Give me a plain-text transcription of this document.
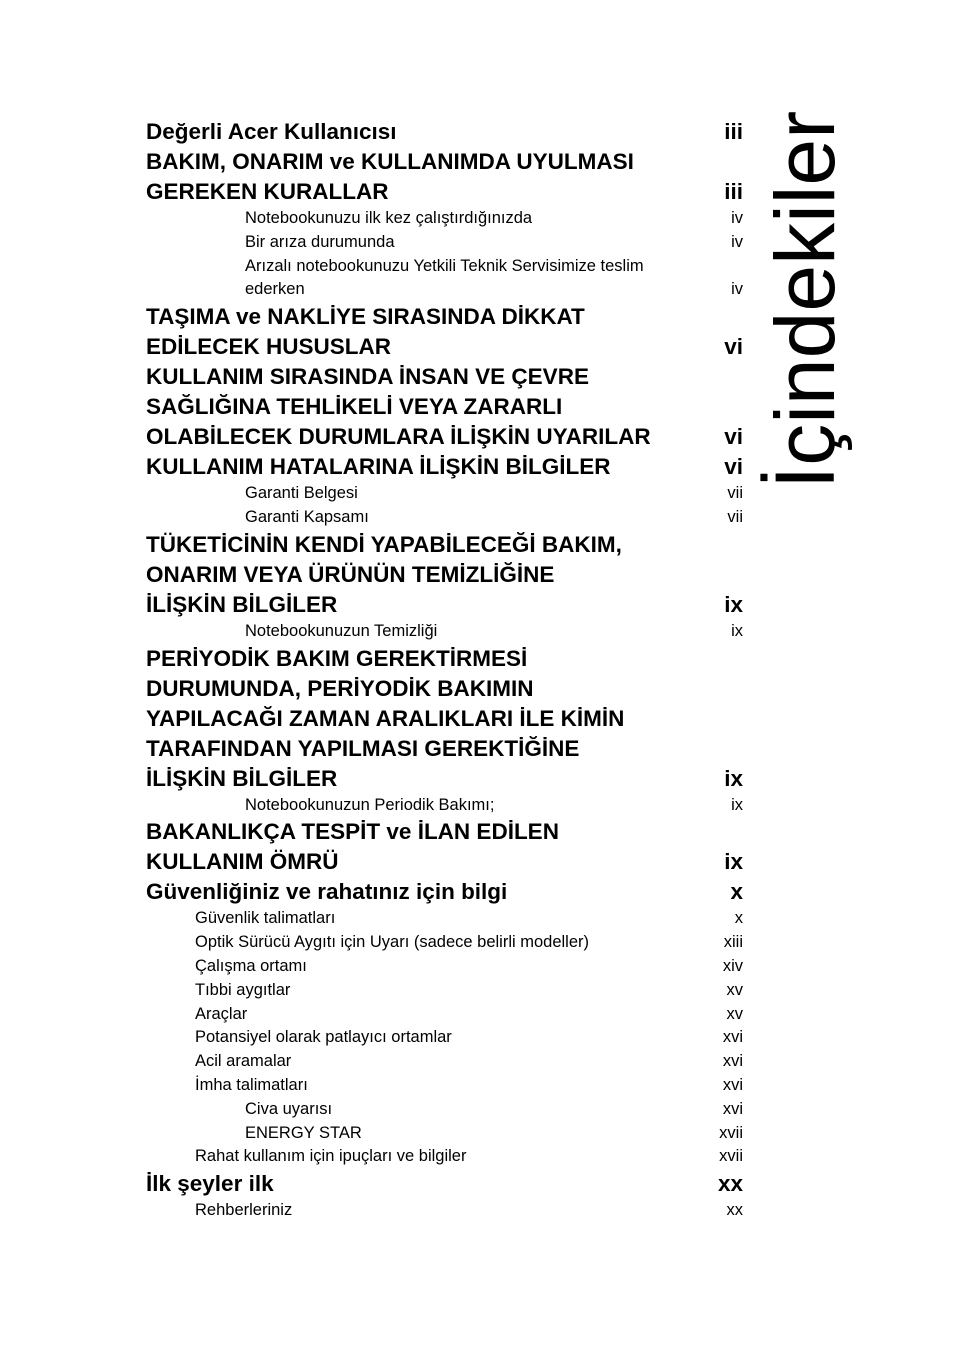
Değerli Acer Kullanıcısı	iii
BAKIM, ONARIM ve KULLANIMDA UYULMASI
GEREKEN KURALLAR	iii
Notebookunuzu ilk kez çalıştırdığınızda	iv
Bir arıza durumunda	iv
Arızalı notebookunuzu Yetkili Teknik Servisimize teslim
ederken	iv
TAŞIMA ve NAKLİYE SIRASINDA DİKKAT
EDİLECEK HUSUSLAR	vi
KULLANIM SIRASINDA İNSAN VE ÇEVRE
SAĞLIĞINA TEHLİKELİ VEYA ZARARLI
OLABİLECEK DURUMLARA İLİŞKİN UYARILAR	vi
KULLANIM HATALARINA İLİŞKİN BİLGİLER	vi
Garanti Belgesi	vii
Garanti Kapsamı	vii
TÜKETİCİNİN KENDİ YAPABİLECEĞİ BAKIM,
ONARIM VEYA ÜRÜNÜN TEMİZLİĞİNE
İLİŞKİN BİLGİLER	ix
Notebookunuzun Temizliği	ix
PERİYODİK BAKIM GEREKTİRMESİ
DURUMUNDA, PERİYODİK BAKIMIN
YAPILACAĞI ZAMAN ARALIKLARI İLE KİMİN
TARAFINDAN YAPILMASI GEREKTİĞİNE
İLİŞKİN BİLGİLER	ix
Notebookunuzun Periodik Bakımı;	ix
BAKANLIKÇA TESPİT ve İLAN EDİLEN
KULLANIM ÖMRÜ	ix
Güvenliğiniz ve rahatınız için bilgi	x
Güvenlik talimatları	x
Optik Sürücü Aygıtı için Uyarı (sadece belirli modeller)	xiii
Çalışma ortamı	xiv
Tıbbi aygıtlar	xv
Araçlar	xv
Potansiyel olarak patlayıcı ortamlar	xvi
Acil aramalar	xvi
İmha talimatları	xvi
Civa uyarısı	xvi
ENERGY STAR	xvii
Rahat kullanım için ipuçları ve bilgiler	xvii
İlk şeyler ilk	xx
Rehberleriniz	xx
İçindekiler
